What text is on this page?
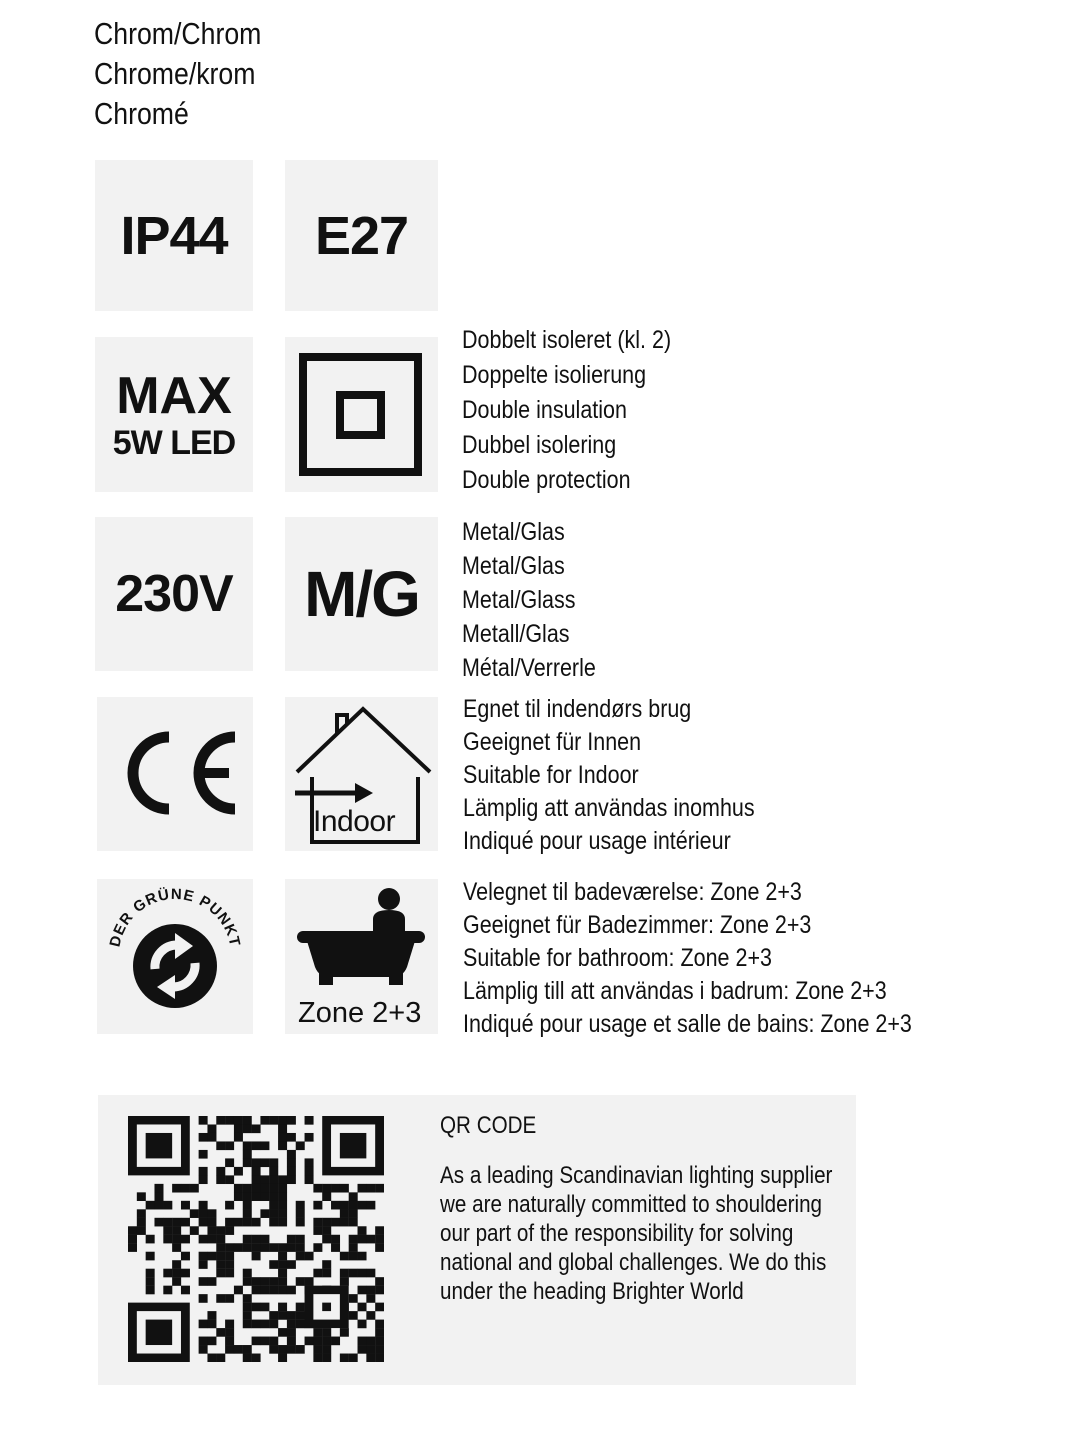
Chrom/Chrom
Chrome/krom
Chromé
IP44 E27
MAX
5W LED
Dobbelt isoleret (kl. 2)
Doppelte isolierung
Double insulation
Dubbel isolering
Double protection
230V M/G
Metal/Glas
Metal/Glas
Metal/Glass
Metall/Glas
Métal/Verrerle
Indoor
Egnet til indendørs brug
Geeignet für Innen
Suitable for Indoor
Lämplig att användas inomhus
Indiqué pour usage intérieur
DER GRÜNE PUNKT
Zone 2+3
Velegnet til badeværelse: Zone 2+3
Geeignet für Badezimmer: Zone 2+3
Suitable for bathroom: Zone 2+3
Lämplig till att användas i badrum: Zone 2+3
Indiqué pour usage et salle de bains: Zone 2+3
QR CODE
As a leading Scandinavian lighting supplier
we are naturally committed to shouldering
our part of the responsibility for solving
national and global challenges. We do this
under the heading Brighter World
